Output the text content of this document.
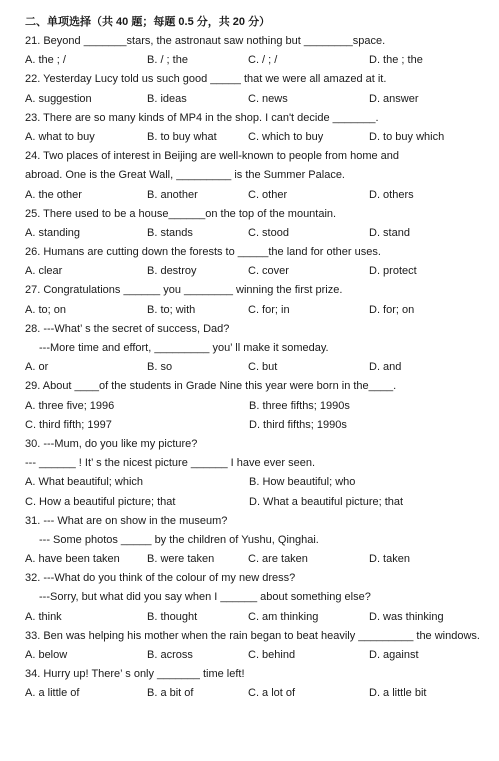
二、单项选择（共 40 题；每题 0.5 分，共 20 分）
21. Beyond _______stars, the astronaut saw nothing but ________space.
A. the ; /	B. / ; the	C. / ; /	D. the ; the
22. Yesterday Lucy told us such good _____ that we were all amazed at it.
A. suggestion	B. ideas	C. news	D. answer
23. There are so many kinds of MP4 in the shop. I can't decide _______.
A. what to buy	B. to buy what	C. which to buy	D. to buy which
24. Two places of interest in Beijing are well-known to people from home and
abroad. One is the Great Wall, _________ is the Summer Palace.
A. the other	B. another	C. other	D. others
25. There used to be a house______on the top of the mountain.
A. standing	B. stands	C. stood	D. stand
26. Humans are cutting down the forests to _____the land for other uses.
A. clear	B. destroy	C. cover	D. protect
27. Congratulations ______ you ________ winning the first prize.
A. to; on	B. to; with	C. for; in	D. for; on
28. ---What’ s the secret of success, Dad?
---More time and effort, _________ you’ ll make it someday.
A. or	B. so	C. but	D. and
29. About ____of the students in Grade Nine this year were born in the____.
A. three five; 1996	B. three fifths; 1990s
C. third fifth; 1997	D. third fifths; 1990s
30. ---Mum, do you like my picture?
--- ______ ! It’ s the nicest picture ______ I have ever seen.
A. What beautiful; which	B. How beautiful; who
C. How a beautiful picture; that	D. What a beautiful picture; that
31. --- What are on show in the museum?
--- Some photos _____ by the children of Yushu, Qinghai.
A. have been taken	B. were taken	C. are taken	D. taken
32. ---What do you think of the colour of my new dress?
---Sorry, but what did you say when I ______ about something else?
A. think	B. thought	C. am thinking	D. was thinking
33. Ben was helping his mother when the rain began to beat heavily _________ the windows.
A. below	B. across	C. behind	D. against
34. Hurry up! There’ s only _______ time left!
A. a little of	B. a bit of	C. a lot of	D. a little bit
